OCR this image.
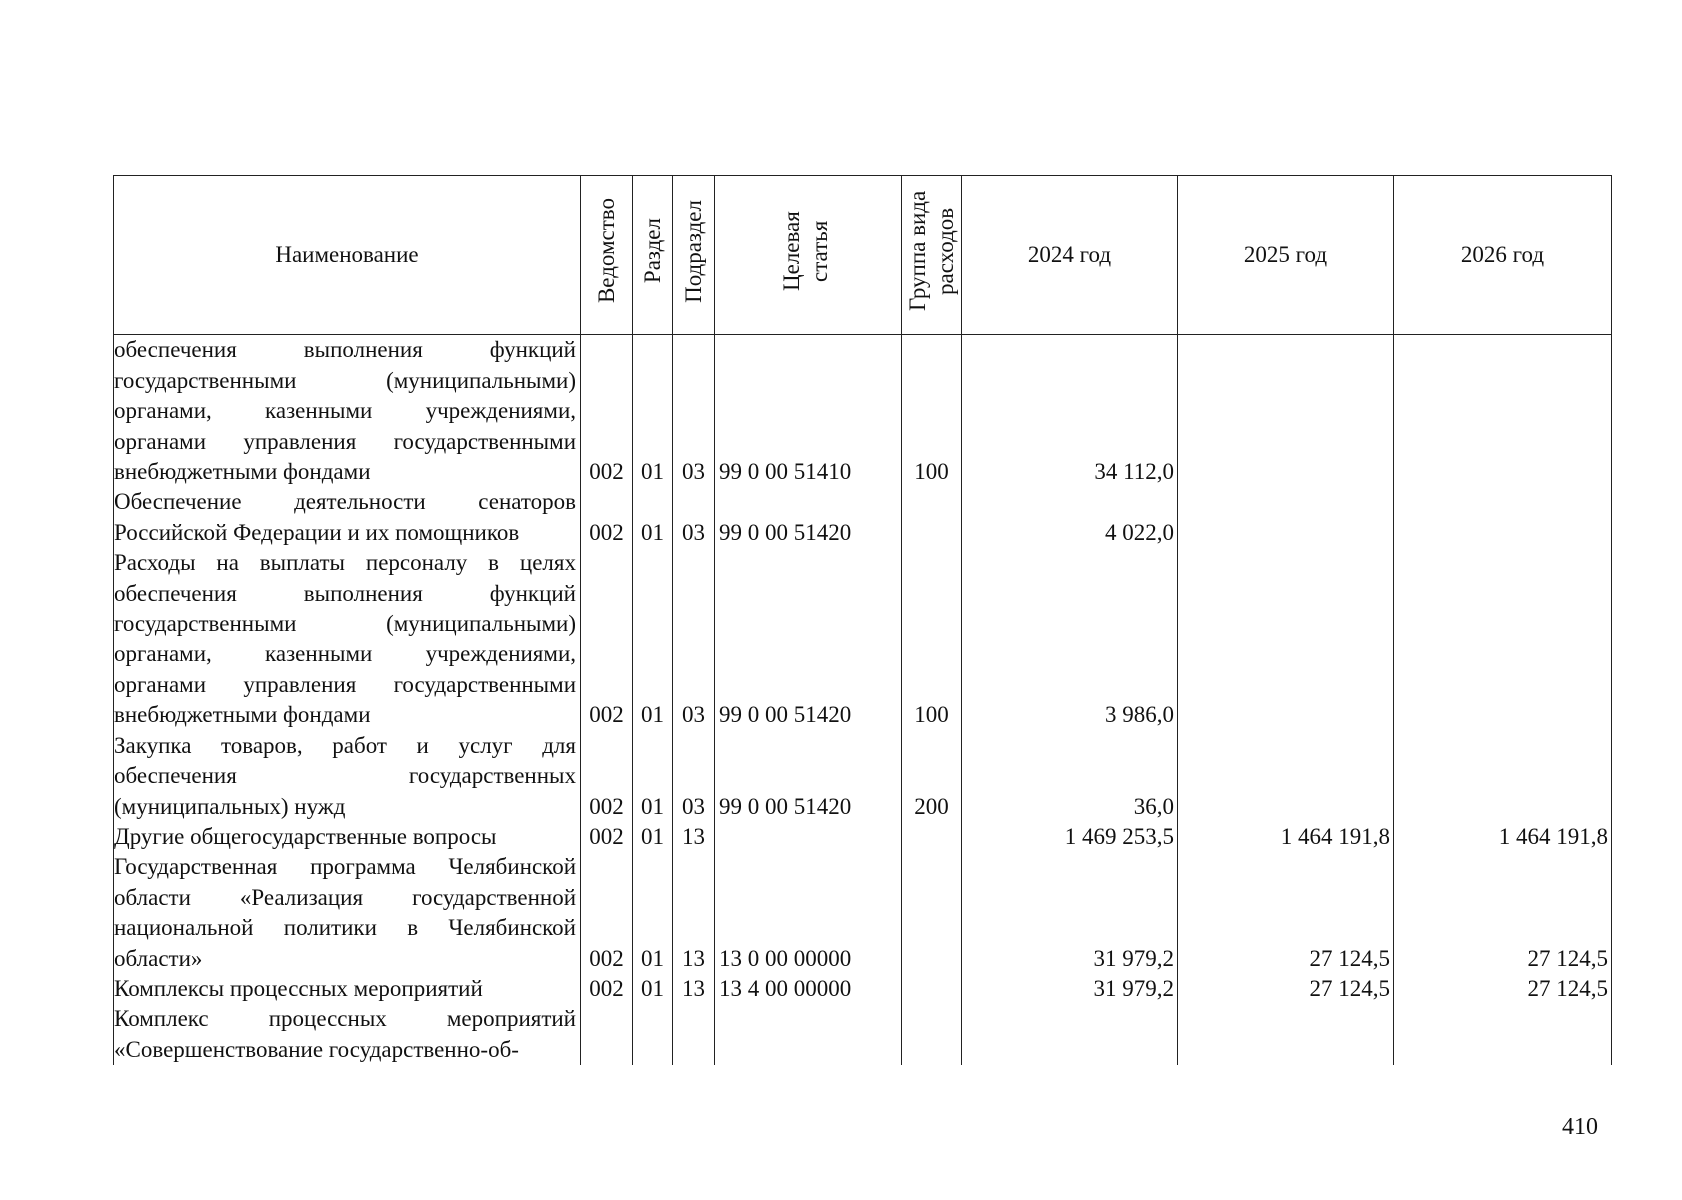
Наименование	Ведомство	Раздел	Подраздел	Целевая статья	Группа вида расходов	2024 год	2025 год	2026 год
обеспечения выполнения функций государственными (муниципальными) органами, казенными учреждениями, органами управления государственными внебюджетными фондами	002	01	03	99 0 00 51410	100	34 112,0		
Обеспечение деятельности сенаторов Российской Федерации и их помощников	002	01	03	99 0 00 51420		4 022,0		
Расходы на выплаты персоналу в целях обеспечения выполнения функций государственными (муниципальными) органами, казенными учреждениями, органами управления государственными внебюджетными фондами	002	01	03	99 0 00 51420	100	3 986,0		
Закупка товаров, работ и услуг для обеспечения государственных (муниципальных) нужд	002	01	03	99 0 00 51420	200	36,0		
Другие общегосударственные вопросы	002	01	13			1 469 253,5	1 464 191,8	1 464 191,8
Государственная программа Челябинской области «Реализация государственной национальной политики в Челябинской области»	002	01	13	13 0 00 00000		31 979,2	27 124,5	27 124,5
Комплексы процессных мероприятий	002	01	13	13 4 00 00000		31 979,2	27 124,5	27 124,5
Комплекс процессных мероприятий «Совершенствование государственно-об-								
410
